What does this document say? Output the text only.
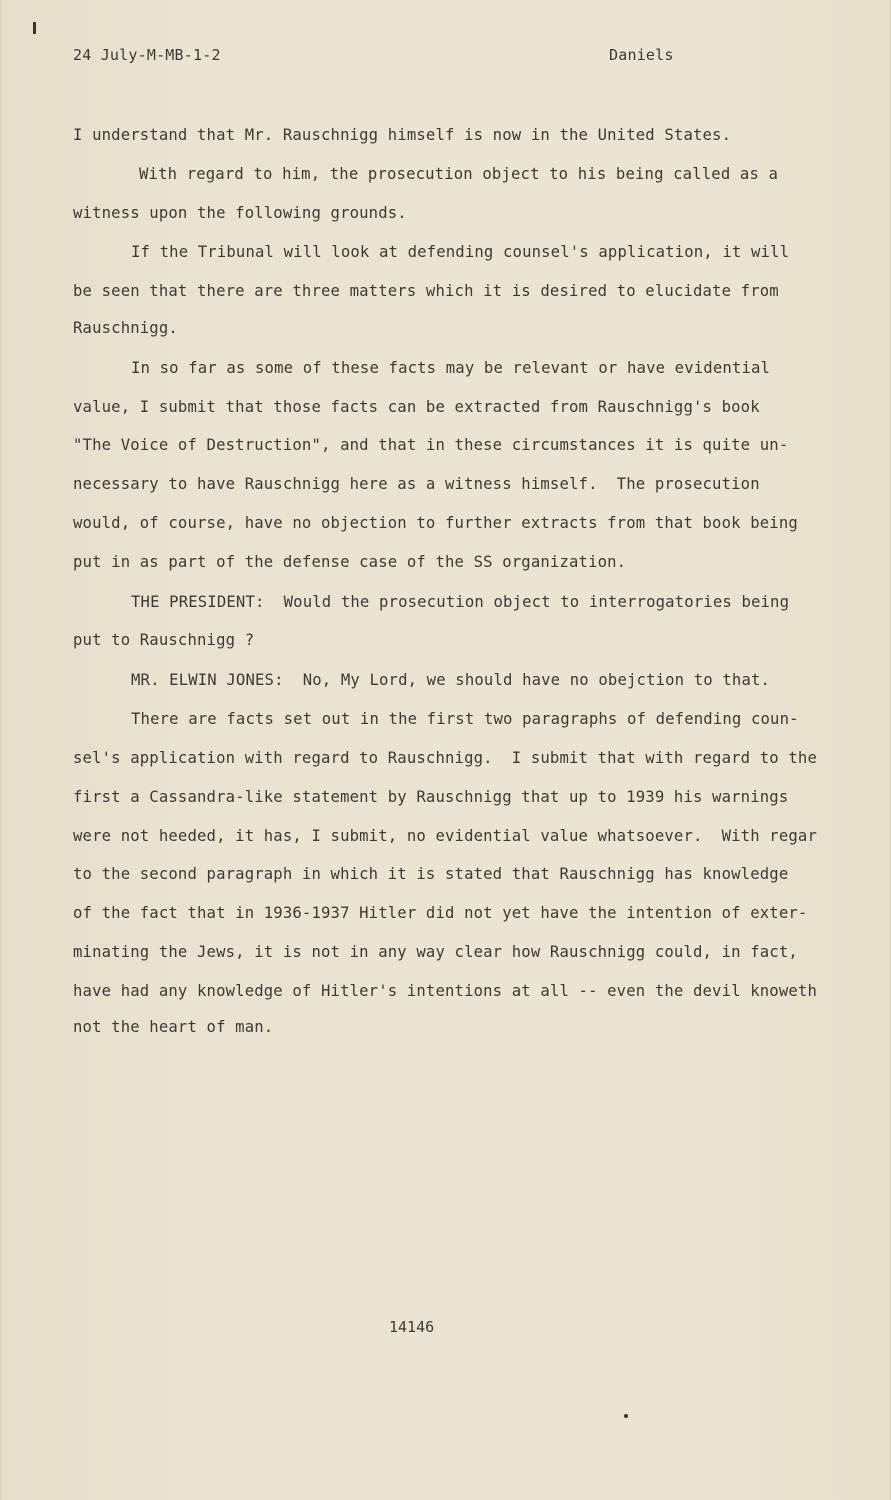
24 July-M-MB-1-2	Daniels
I understand that Mr. Rauschnigg himself is now in the United States.
With regard to him, the prosecution object to his being called as a
witness upon the following grounds.
If the Tribunal will look at defending counsel's application, it will
be seen that there are three matters which it is desired to elucidate from
Rauschnigg.
In so far as some of these facts may be relevant or have evidential
value, I submit that those facts can be extracted from Rauschnigg's book
"The Voice of Destruction", and that in these circumstances it is quite un-
necessary to have Rauschnigg here as a witness himself.  The prosecution
would, of course, have no objection to further extracts from that book being
put in as part of the defense case of the SS organization.
THE PRESIDENT:  Would the prosecution object to interrogatories being
put to Rauschnigg ?
MR. ELWIN JONES:  No, My Lord, we should have no obejction to that.
There are facts set out in the first two paragraphs of defending coun-
sel's application with regard to Rauschnigg.  I submit that with regard to the
first a Cassandra-like statement by Rauschnigg that up to 1939 his warnings
were not heeded, it has, I submit, no evidential value whatsoever.  With regar
to the second paragraph in which it is stated that Rauschnigg has knowledge
of the fact that in 1936-1937 Hitler did not yet have the intention of exter-
minating the Jews, it is not in any way clear how Rauschnigg could, in fact,
have had any knowledge of Hitler's intentions at all -- even the devil knoweth
not the heart of man.
14146
